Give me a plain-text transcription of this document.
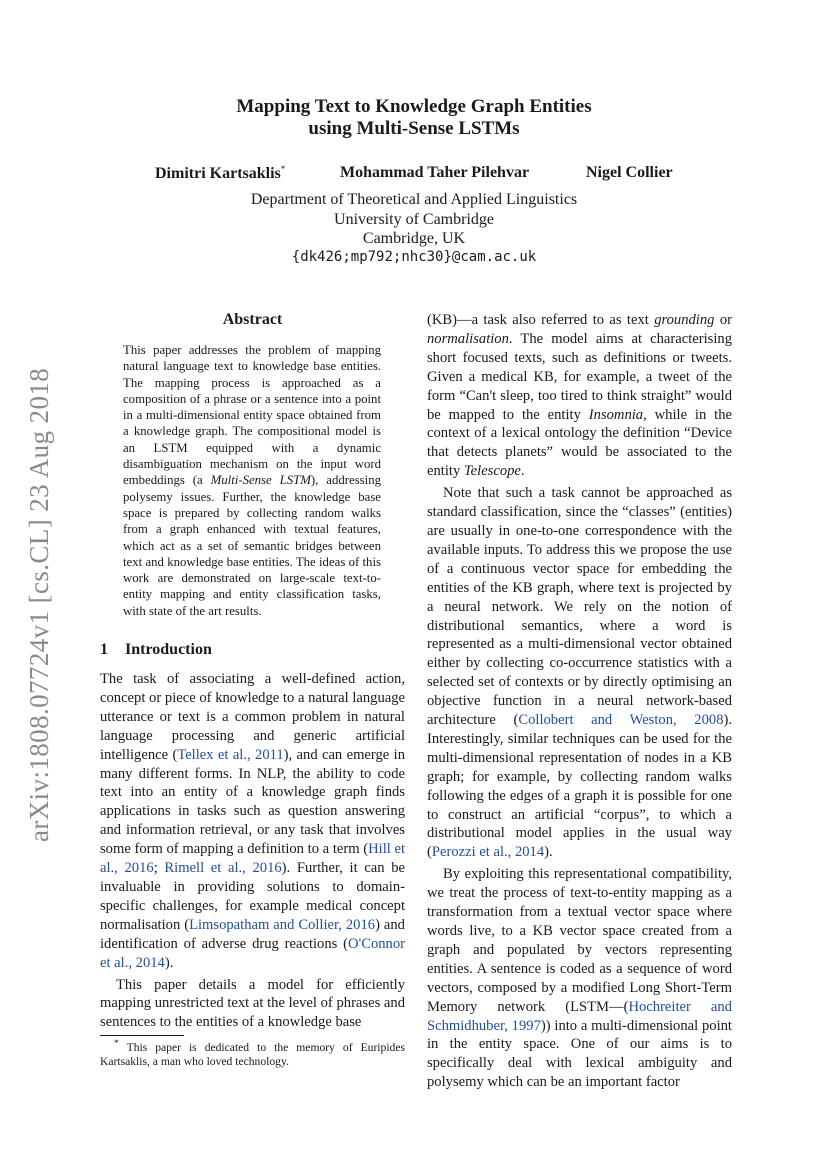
arXiv:1808.07724v1 [cs.CL] 23 Aug 2018
Mapping Text to Knowledge Graph Entities
using Multi-Sense LSTMs
Dimitri Kartsaklis*	Mohammad Taher Pilehvar	Nigel Collier
Department of Theoretical and Applied Linguistics
University of Cambridge
Cambridge, UK
{dk426;mp792;nhc30}@cam.ac.uk
Abstract

This paper addresses the problem of mapping natural language text to knowledge base entities. The mapping process is approached as a composition of a phrase or a sentence into a point in a multi-dimensional entity space obtained from a knowledge graph. The compositional model is an LSTM equipped with a dynamic disambiguation mechanism on the input word embeddings (a Multi-Sense LSTM), addressing polysemy issues. Further, the knowledge base space is prepared by collecting random walks from a graph enhanced with textual features, which act as a set of semantic bridges between text and knowledge base entities. The ideas of this work are demonstrated on large-scale text-to-entity mapping and entity classification tasks, with state of the art results.

1 Introduction

The task of associating a well-defined action, concept or piece of knowledge to a natural language utterance or text is a common problem in natural language processing and generic artificial intelligence (Tellex et al., 2011), and can emerge in many different forms. In NLP, the ability to code text into an entity of a knowledge graph finds applications in tasks such as question answering and information retrieval, or any task that involves some form of mapping a definition to a term (Hill et al., 2016; Rimell et al., 2016). Further, it can be invaluable in providing solutions to domain-specific challenges, for example medical concept normalisation (Limsopatham and Collier, 2016) and identification of adverse drug reactions (O'Connor et al., 2014).

This paper details a model for efficiently mapping unrestricted text at the level of phrases and sentences to the entities of a knowledge base

(KB)—a task also referred to as text grounding or normalisation. The model aims at characterising short focused texts, such as definitions or tweets. Given a medical KB, for example, a tweet of the form “Can't sleep, too tired to think straight” would be mapped to the entity Insomnia, while in the context of a lexical ontology the definition “Device that detects planets” would be associated to the entity Telescope.

Note that such a task cannot be approached as standard classification, since the “classes” (entities) are usually in one-to-one correspondence with the available inputs. To address this we propose the use of a continuous vector space for embedding the entities of the KB graph, where text is projected by a neural network. We rely on the notion of distributional semantics, where a word is represented as a multi-dimensional vector obtained either by collecting co-occurrence statistics with a selected set of contexts or by directly optimising an objective function in a neural network-based architecture (Collobert and Weston, 2008). Interestingly, similar techniques can be used for the multi-dimensional representation of nodes in a KB graph; for example, by collecting random walks following the edges of a graph it is possible for one to construct an artificial “corpus”, to which a distributional model applies in the usual way (Perozzi et al., 2014).

By exploiting this representational compatibility, we treat the process of text-to-entity mapping as a transformation from a textual vector space where words live, to a KB vector space created from a graph and populated by vectors representing entities. A sentence is coded as a sequence of word vectors, composed by a modified Long Short-Term Memory network (LSTM—(Hochreiter and Schmidhuber, 1997)) into a multi-dimensional point in the entity space. One of our aims is to specifically deal with lexical ambiguity and polysemy which can be an important factor

* This paper is dedicated to the memory of Euripides Kartsaklis, a man who loved technology.
